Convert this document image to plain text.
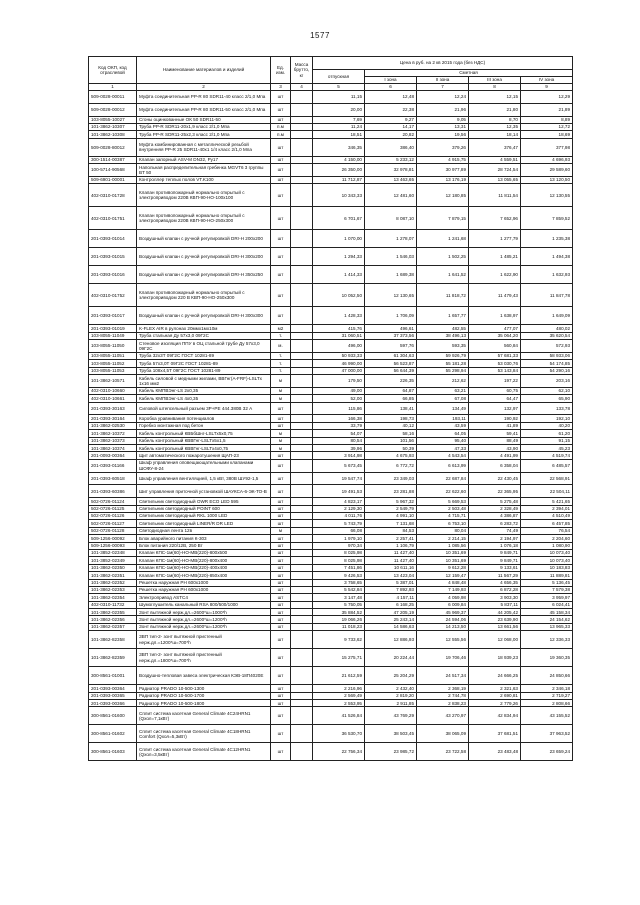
1577
Код ОКП, код отраслевой	Наименование материалов и изделий	Ед. изм.	Масса брутто, кг	Цена в руб. на 2 кв 2015 года (без НДС)				
				отпускная	Сметная			
					I зона	II зона	III зона	IV зона
1	2	3	4	5	6	7	8	9
509-0028-00011	Муфта соединительная PP-R 80 SDR11-40 класс 2/1,0 Мпа	шт		11,15	12,48	12,24	12,15	12,29
509-0028-00012	Муфта соединительная PP-R 80 SDR11-50 класс 2/1,0 Мпа	шт		20,00	22,38	21,96	21,80	21,89
103-8055-10027	Сгоны оцинкованные ОК 50 SDR11-50	шт		7,69	9,27	9,05	8,70	8,89
101-3862-10307	Труба PP-R SDR11-20х1,9 класс 2/1,0 Мпа	п.м		11,24	14,17	13,31	12,35	12,72
101-3862-10308	Труба PP-R SDR11-25х2,3 класс 2/1,0 Мпа	п.м		18,51	20,82	19,56	18,14	18,69
509-0028-80012	Муфта комбинированная с металлической резьбой внутренняя PP-R 25 SDR11-40х1 1/4 класс 2/1,0 Мпа	шт		346,35	386,40	379,26	376,47	377,98
300-1514-00387	Клапан запорный ASV-M DN32, Ру17	шт		4 150,00	5 233,12	4 915,75	4 559,51	4 696,93
100-5714-90568	Напольная распределительная гребенка MGVT6 3 группы BT 50	шт		26 350,00	32 978,81	30 977,89	28 724,54	29 589,60
509-6901-00001	Контроллер теплых полов VT.K100	шт		11 712,87	13 463,65	13 176,19	13 055,65	13 120,50
402-0310-01728	Клапан противопожарный нормально открытый с электроприводом 220В КВП-90-НО-100х100	шт		10 343,33	12 481,60	12 180,85	11 811,54	12 130,55
402-0310-01751	Клапан противопожарный нормально открытый с электроприводом 220В КВП-90-НО-250х300	шт		6 701,67	8 087,10	7 879,15	7 652,96	7 859,52
201-0393-01014	Воздушный клапан с ручной регулировкой DRr-H 200х200	шт		1 070,00	1 278,07	1 241,68	1 277,79	1 235,38
201-0393-01015	Воздушный клапан с ручной регулировкой DRr-H 300х200	шт		1 294,33	1 546,03	1 502,25	1 485,21	1 494,38
201-0393-01016	Воздушный клапан с ручной регулировкой DRr-H 350х250	шт		1 414,33	1 689,38	1 641,52	1 622,90	1 632,93
402-0310-01752	Клапан противопожарный нормально открытый с электроприводом 220 В КВП-90-НО-250х300	шт		10 052,50	12 130,65	11 818,72	11 479,43	11 847,78
201-0393-01017	Воздушный клапан с ручной регулировкой DRr-H 300х300	шт		1 428,33	1 706,09	1 657,77	1 638,97	1 649,09
201-0393-01019	K-FLEX AIR в рулонах 20ммх1мх10м	м2		415,76	496,61	482,55	477,07	480,02
103-8055-11049	Труба стальная Ду 57х3,0 09Г2С	т.		31 060,51	37 373,56	38 496,13	35 064,20	35 620,54
103-8055-11050	Стеновое изоляция ППУ в ОЦ стальной трубе Ду 57х3,0 09Г2С	м.		496,00	597,76	593,35	560,84	572,93
103-8055-11051	Труба 32х3Т 09Г2С ГОСТ 10281-89	т.		50 933,33	61 304,63	59 926,79	57 681,33	58 933,06
103-8055-11052	Труба 57х3,0Т 09Г2С ГОСТ 10281-89	т.		46 990,00	56 523,87	55 181,28	53 030,76	54 174,85
103-8055-11053	Труба 108х4,5Т 09Г2С ГОСТ 10281-89	т.		47 000,00	56 644,39	55 298,94	53 143,84	54 290,16
101-3862-10571	Кабель силовой с медными жилами, ВВГнг(А-FRF)-LSLTx 1х16 мм2	м		179,50	226,35	212,62	197,22	203,16
402-0310-10660	Кабель КМПВЭнг-LS 2х0,35	м		49,00	64,87	63,21	60,75	62,10
402-0310-10661	Кабель КМПВЭнг-LS 4х0,35	м		52,00	66,85	67,08	64,47	65,90
201-0393-30163	Силовой штепсельный разъем 3P+PE 444.380В 32 А	шт		115,86	138,41	134,49	132,97	133,78
201-0393-30164	Коробка уравнивания потенциалов	шт		166,38	198,73	193,11	190,92	192,10
101-3862-02530	Горебко монтажная под бетон	шт		33,79	40,12	43,59	41,89	40,20
101-3862-10372	Кабель контрольный КВБбШнг-LSLTx5х0,75	м		54,07	58,16	64,05	59,41	61,20
101-3862-10373	Кабель контрольный КВВГнг-LSLTx5х1,5	м		80,54	101,56	95,40	88,49	91,15
101-3862-10374	Кабель контрольный КВВГнг-LSLTx4х0,75	м		39,96	50,39	47,33	43,90	45,23
201-0093-00364	Щит автоматического пожаротушения ЩАП-23	шт		3 914,98	4 675,93	4 543,54	4 491,99	4 519,74
201-0393-01166	Шкаф управления оповещающательными клапанами ШОФУ-8-24	шт		5 673,45	6 772,72	6 613,99	6 358,04	6 485,57
201-0393-60518	Шкаф управления вентиляцией, 1,5 кВт, 380В ШУ92-1,5	шт		19 547,74	23 349,03	22 687,84	22 430,45	22 568,91
201-0393-60386	Шит управления приточной установкой ШАУКСА-6-ЭК-ТО-В	шт		19 491,53	23 281,88	22 622,60	22 365,95	22 504,11
502-0726-01124	Светильник светодиодный OWR ECO LED 595	шт		4 823,17	5 967,32	5 669,53	5 275,48	5 421,65
502-0726-01125	Светильник светодиодный POINT 600	шт		2 129,30	2 549,79	2 503,48	2 328,49	2 394,01
502-0726-01126	Светильник светодиодный RKL 1000 LED	шт		4 011,76	4 991,10	4 715,71	4 386,87	4 510,49
502-0726-01127	Светильник светодиодный LINER/R DR LED	шт		5 743,79	7 131,68	6 753,10	6 283,72	6 457,85
502-0726-01128	Светодиодная лента 12в	м		66,08	84,53	80,04	74,49	76,54
509-1256-00092	Блок аварийного питания К-303	шт		1 979,10	2 257,41	2 214,15	2 194,97	2 204,60
509-1256-00093	Блок питания 220/12В, 250 Вт	шт		970,34	1 106,79	1 085,56	1 076,18	1 080,90
101-3852-02348	Клапан КПС-1м(60)-НО-МВ(220)-800х500	шт		8 025,98	11 427,40	10 351,69	9 849,71	10 073,40
101-3852-02349	Клапан КПС-1м(60)-НО-МВ(220)-800х400	шт		8 025,98	11 427,40	10 351,69	9 849,71	10 073,40
101-3862-02350	Клапан КПС-1м(60)-НО-МВ(220)-400х400	шт		7 451,86	10 611,16	9 612,28	9 133,61	10 183,83
101-3862-02351	Клапан КПС-1м(60)-НО-МВ(220)-850х400	шт		9 426,53	13 423,04	12 159,47	11 567,29	11 889,81
101-3862-02352	Решетка наружная РН 600х1000	шт		3 758,65	5 387,01	4 848,48	4 656,35	5 136,45
101-3862-02353	Решетка наружная РН 600х1000	шт		5 542,84	7 892,93	7 149,93	6 872,28	7 579,38
101-3862-02354	Электропривод АSTC4	шт		3 147,48	4 157,11	4 059,98	3 903,30	3 959,97
402-0310-11732	Шумоглушитель канальный RSA 800/500/1000	шт		5 750,05	6 168,25	6 009,84	5 837,11	6 024,41
101-3862-02355	Зонт вытяжной нерж.дл.=2600*ш=1000*h	шт		35 884,52	47 205,19	45 969,37	44 205,42	45 158,34
101-3862-02356	Зонт вытяжной нерж.дл.=2600*ш=1200*h	шт		19 066,26	25 243,14	24 594,06	23 639,90	24 154,62
101-3862-02357	Зонт вытяжной нерж.дл.=2600*ш=1200*h	шт		11 018,23	14 586,63	14 213,50	13 661,56	13 965,33
101-3862-82358	ЗВП тип-2- зонт вытяжной пристенный нерж.дл.=1200*ш=700*h	шт		9 733,62	12 886,93	12 555,56	12 068,00	12 336,33
101-3862-82359	ЗВП тип-2- зонт вытяжной пристенный нерж.дл.=1800*ш=700*h	шт		15 275,71	20 224,44	19 706,46	18 939,23	19 360,35
300-8561-01001	Воздушно-тепловая завеса электрическая КЭВ-18П4020Е	шт		21 612,59	25 204,29	24 517,34	24 666,25	24 850,66
201-0393-00364	Радиатор PRADO 10-500-1300	шт		2 216,96	2 432,40	2 368,19	2 321,63	2 346,18
201-0393-00365	Радиатор PRADO 10-500-1700	шт		2 569,49	2 819,20	2 744,78	2 690,81	2 719,27
201-0393-00366	Радиатор PRADO 10-500-1800	шт		2 553,95	2 911,85	2 838,23	2 779,26	2 808,66
300-8561-01600	Сплит система касетная General Climate 4С24HRN1 (Qхол=7,1кВт)	шт		41 526,84	43 769,29	43 270,97	42 834,94	43 155,52
300-8561-01602	Сплит система касетная General Climate 4С18HRN1 Comfort (Qхол=5,3кВт)	шт		36 530,70	38 503,45	38 065,09	37 681,51	37 963,52
300-8561-01603	Сплит система касетная General Climate 4С12HRN1 (Qхол=3,5кВт)	шт		22 756,34	23 985,72	23 722,58	23 483,48	23 659,24
